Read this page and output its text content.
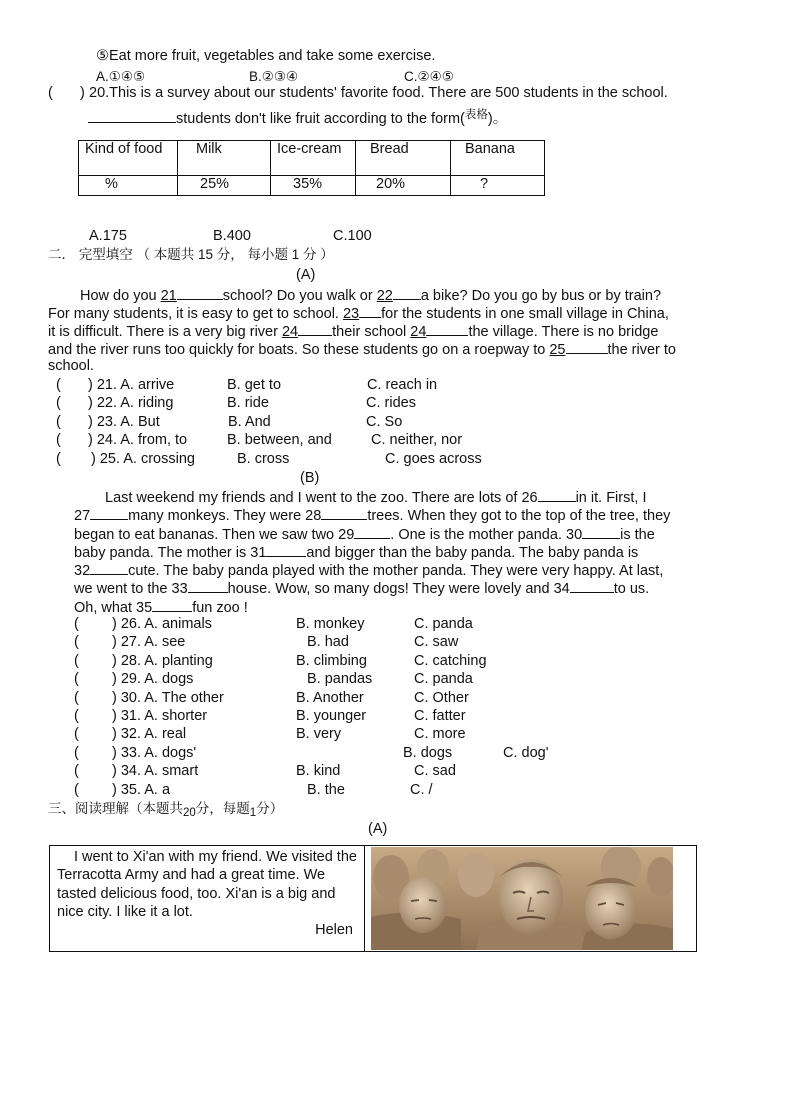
⑤Eat more fruit, vegetables and take some exercise.
A.①④⑤	B.②③④	C.②④⑤
( ) 20.This is a survey about our students' favorite food. There are 500 students in the school.
students don't like fruit according to the form($^{表格}$)。
Kind of food	Milk	Ice-cream	Bread	Banana
%	25%	35%	20%	?
A.175	B.400	C.100
二． 完型填空 （ 本题共 15 分， 每小题 1 分 ）
(A)
How do you 21	school? Do you walk or 22 a bike? Do you go by bus or by train?
For many students, it is easy to get to school. 23 for the students in one small village in China,
it is difficult. There is a very big river 24 their school 24	the village. There is no bridge
and the river runs too quickly for boats. So these students go on a roepway to 25	the river to
school.
( ) 21. A. arrive	B. get to	C. reach in
( ) 22. A. riding	B. ride	C. rides
( ) 23. A. But	B. And	C. So
( ) 24. A. from, to	B. between, and	C. neither, nor
( ) 25. A. crossing	B. cross	C. goes across
(B)
Last weekend my friends and I went to the zoo. There are lots of 26	in it. First, I
27	many monkeys. They were 28	trees. When they got to the top of the tree, they
began to eat bananas. Then we saw two 29 . One is the mother panda. 30	is the
baby panda. The mother is 31	and bigger than the baby panda. The baby panda is
32	cute. The baby panda played with the mother panda. They were very happy. At last,
we went to the 33	house. Wow, so many dogs! They were lovely and 34	to us.
Oh, what 35	fun zoo !
( ) 26. A. animals	B. monkey	C. panda
( ) 27. A. see	B. had	C. saw
( ) 28. A. planting	B. climbing	C. catching
( ) 29. A. dogs	B. pandas	C. panda
( ) 30. A. The other	B. Another	C. Other
( ) 31. A. shorter	B. younger	C. fatter
( ) 32. A. real	B. very	C. more
( ) 33. A. dogs'	B. dogs	C. dog'
( ) 34. A. smart	B. kind	C. sad
( ) 35. A. a	B. the	C. /
三、阅读理解（本题共20分，每题1分）
(A)
I went to Xi'an with my friend. We visited the Terracotta Army and had a great time. We tasted delicious food, too. Xi'an is a big and nice city. I like it a lot.
Helen
